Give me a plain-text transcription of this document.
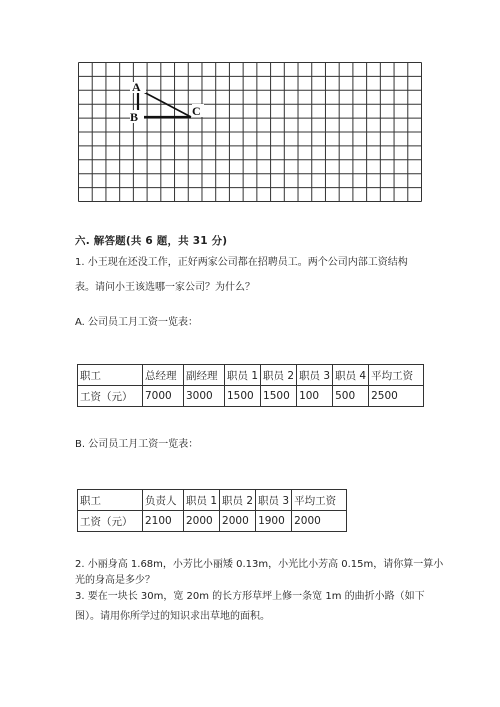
A
B	C
六. 解答题(共 6 题，共 31 分)
1. 小王现在还没工作，正好两家公司都在招聘员工。两个公司内部工资结构
表。请问小王该选哪一家公司？为什么？
A. 公司员工月工资一览表：
职工	总经理	副经理	职员 1	职员 2	职员 3	职员 4	平均工资
工资（元）	7000	3000	1500	1500	100	500	2500
B. 公司员工月工资一览表：
职工	负责人	职员 1	职员 2	职员 3	平均工资
工资（元）	2100	2000	2000	1900	2000
2. 小丽身高 1.68m，小芳比小丽矮 0.13m，小光比小芳高 0.15m，请你算一算小
光的身高是多少？
3. 要在一块长 30m，宽 20m 的长方形草坪上修一条宽 1m 的曲折小路（如下
图）。请用你所学过的知识求出草地的面积。
